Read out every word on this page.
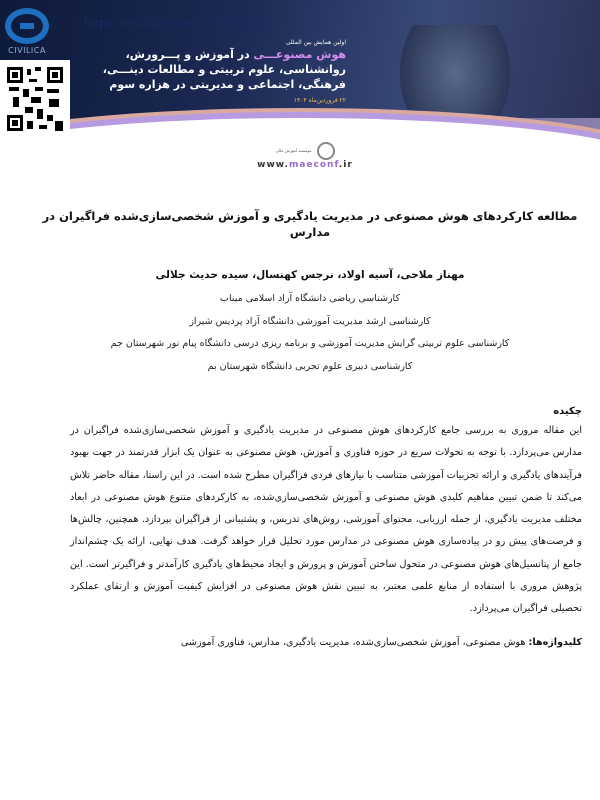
CIVILICA
https://civilica.com/doc/2281069/
اولین همایش بین المللی
هوش مصنوعـــی در آموزش و پـــرورش،
روانشناسی، علوم تربیتی و مطالعات دینـــی،
فرهنگی، اجتماعی و مدیریتی در هزاره سوم
۲۲ فروردین‌ماه ۱۴۰۴
موسسه آموزش عالی
www.maeconf.ir
مطالعه کارکردهای هوش مصنوعی در مدیریت یادگیری و آموزش شخصی‌سازی‌شده فراگیران در مدارس
مهناز ملاحی، آسیه اولاد، نرجس کهنسال، سیده حدیث جلالی
کارشناسی ریاضی دانشگاه آزاد اسلامی میناب
کارشناسی ارشد مدیریت آموزشی دانشگاه آزاد پردیس شیراز
کارشناسی علوم تربیتی گرایش مدیریت آموزشی و برنامه ریزی درسی دانشگاه پیام نور شهرستان جم
کارشناسی دبیری علوم تجربی دانشگاه شهرستان بم
چکیده
این مقاله مروری به بررسی جامع کارکردهای هوش مصنوعی در مدیریت یادگیری و آموزش شخصی‌سازی‌شده فراگیران در مدارس می‌پردازد. با توجه به تحولات سریع در حوزه فناوری و آموزش، هوش مصنوعی به عنوان یک ابزار قدرتمند در جهت بهبود فرآیندهای یادگیری و ارائه تجربیات آموزشی متناسب با نیازهای فردی فراگیران مطرح شده است. در این راستا، مقاله حاضر تلاش می‌کند تا ضمن تبیین مفاهیم کلیدی هوش مصنوعی و آموزش شخصی‌سازی‌شده، به کارکردهای متنوع هوش مصنوعی در ابعاد مختلف مدیریت یادگیری، از جمله ارزیابی، محتوای آموزشی، روش‌های تدریس، و پشتیبانی از فراگیران بپردازد. همچنین، چالش‌ها و فرصت‌های پیش رو در پیاده‌سازی هوش مصنوعی در مدارس مورد تحلیل قرار خواهد گرفت. هدف نهایی، ارائه یک چشم‌انداز جامع از پتانسیل‌های هوش مصنوعی در متحول ساختن آموزش و پرورش و ایجاد محیط‌های یادگیری کارآمدتر و فراگیرتر است. این پژوهش مروری با استفاده از منابع علمی معتبر، به تبیین نقش هوش مصنوعی در افزایش کیفیت آموزش و ارتقای عملکرد تحصیلی فراگیران می‌پردازد.
کلیدواژه‌ها: هوش مصنوعی، آموزش شخصی‌سازی‌شده، مدیریت یادگیری، مدارس، فناوری آموزشی
